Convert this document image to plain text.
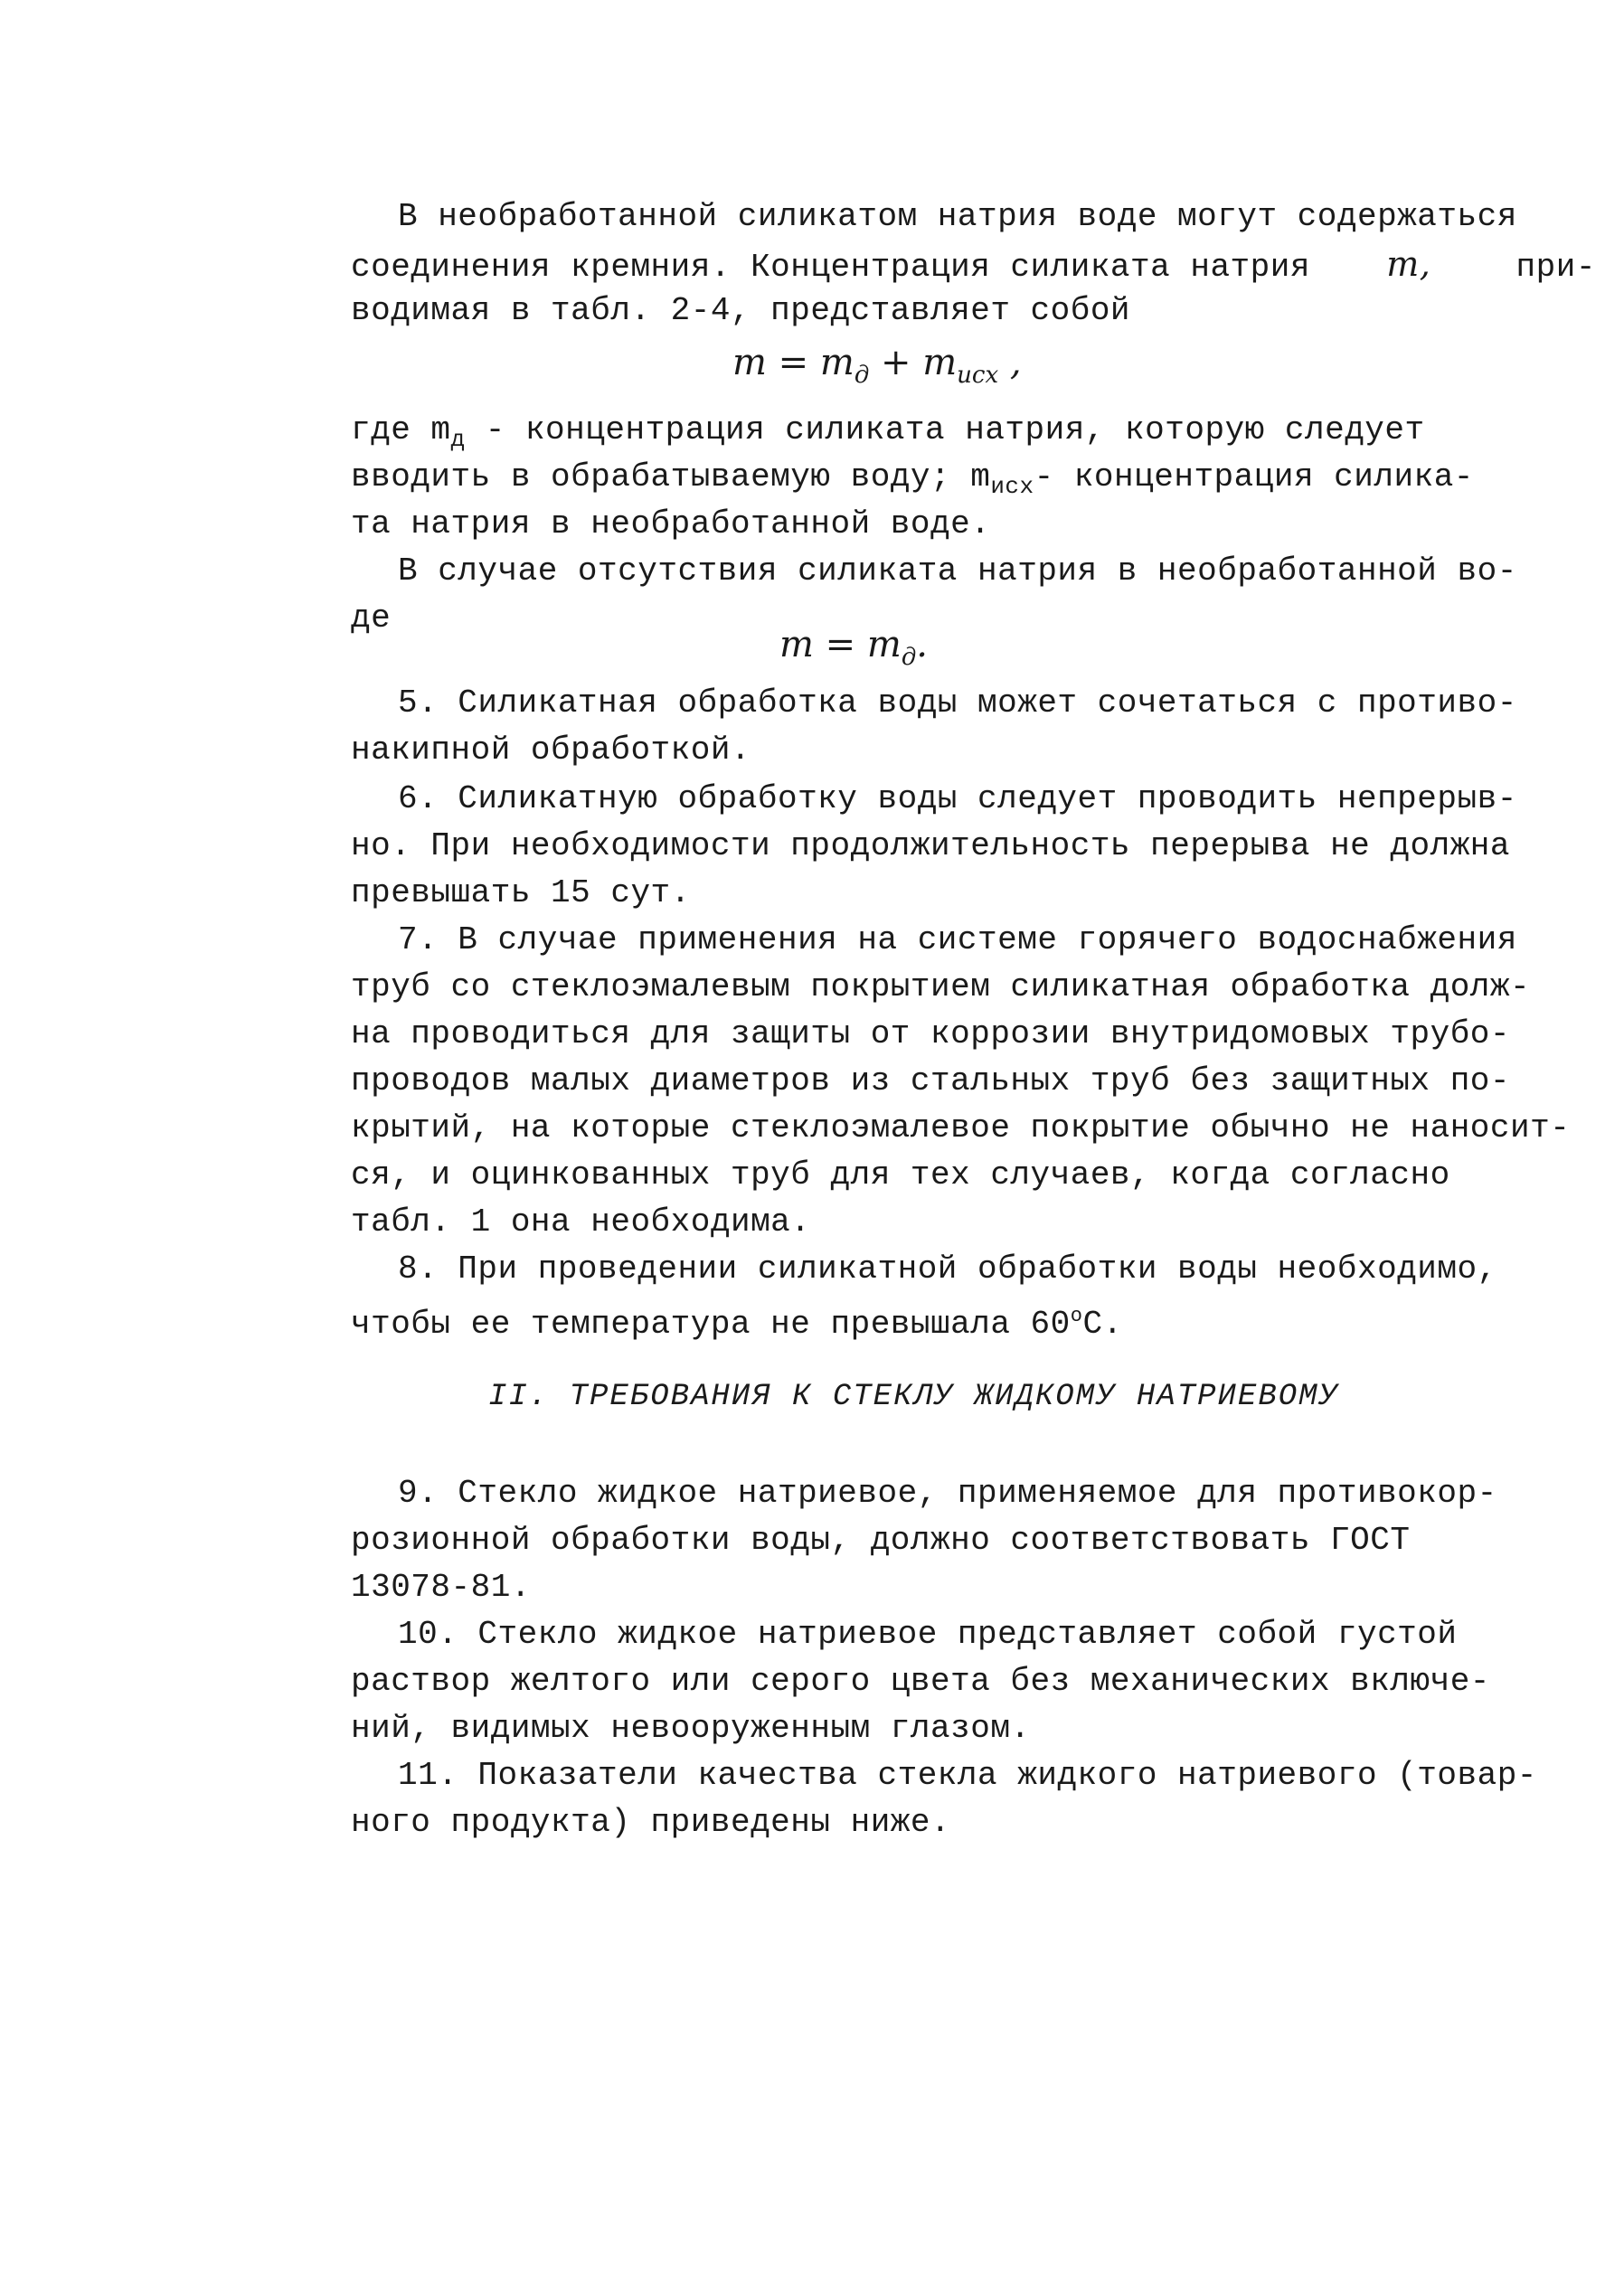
В необработанной силикатом натрия воде могут содержаться
соединения кремния. Концентрация силиката натрия m,	при-
водимая в табл. 2-4, представляет собой
$m = m_д + m_{исх}$ ,
где $m_д$ - концентрация силиката натрия, которую следует
вводить в обрабатываемую воду; $m_{исх}-$ концентрация силика-
та натрия в необработанной воде.
В случае отсутствия силиката натрия в необработанной во-
де
$m = m_д$.
5. Силикатная обработка воды может сочетаться с противо-
накипной обработкой.
6. Силикатную обработку воды следует проводить непрерыв-
но. При необходимости продолжительность перерыва не должна
превышать 15 сут.
7. В случае применения на системе горячего водоснабжения
труб со стеклоэмалевым покрытием силикатная обработка долж-
на проводиться для защиты от коррозии внутридомовых трубо-
проводов малых диаметров из стальных труб без защитных по-
крытий, на которые стеклоэмалевое покрытие обычно не наносит-
ся, и оцинкованных труб для тех случаев, когда согласно
табл. 1 она необходима.
8. При проведении силикатной обработки воды необходимо,
чтобы ее температура не превышала $60^оС$.
II. ТРЕБОВАНИЯ К СТЕКЛУ ЖИДКОМУ НАТРИЕВОМУ
9. Стекло жидкое натриевое, применяемое для противокор-
розионной обработки воды, должно соответствовать ГОСТ
13078-81.
10. Стекло жидкое натриевое представляет собой густой
раствор желтого или серого цвета без механических включе-
ний, видимых невооруженным глазом.
11. Показатели качества стекла жидкого натриевого (товар-
ного продукта) приведены ниже.
